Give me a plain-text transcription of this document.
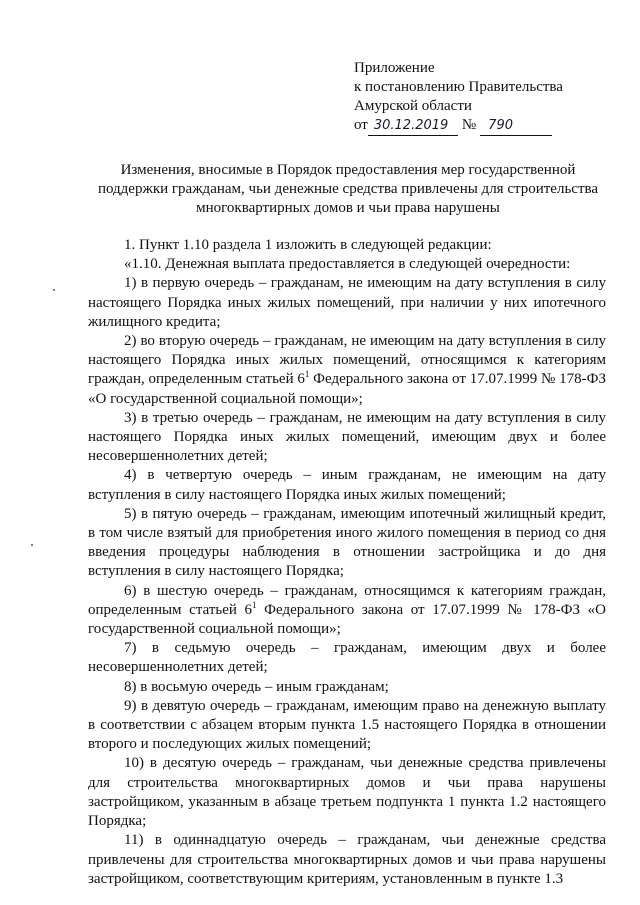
Приложение
к постановлению Правительства
Амурской области
от 30.12.2019 № 790
Изменения, вносимые в Порядок предоставления мер государственной
поддержки гражданам, чьи денежные средства привлечены для строительства
многоквартирных домов и чьи права нарушены

1. Пункт 1.10 раздела 1 изложить в следующей редакции:

«1.10. Денежная выплата предоставляется в следующей очередности:

1) в первую очередь – гражданам, не имеющим на дату вступления в силу настоящего Порядка иных жилых помещений, при наличии у них ипотечного жилищного кредита;

2) во вторую очередь – гражданам, не имеющим на дату вступления в силу настоящего Порядка иных жилых помещений, относящимся к категориям граждан, определенным статьей $6^1$ Федерального закона от 17.07.1999 № 178-ФЗ «О государственной социальной помощи»;

3) в третью очередь – гражданам, не имеющим на дату вступления в силу настоящего Порядка иных жилых помещений, имеющим двух и более несовершеннолетних детей;

4) в четвертую очередь – иным гражданам, не имеющим на дату вступления в силу настоящего Порядка иных жилых помещений;

5) в пятую очередь – гражданам, имеющим ипотечный жилищный кредит, в том числе взятый для приобретения иного жилого помещения в период со дня введения процедуры наблюдения в отношении застройщика и до дня вступления в силу настоящего Порядка;

6) в шестую очередь – гражданам, относящимся к категориям граждан, определенным статьей $6^1$ Федерального закона от 17.07.1999 № 178-ФЗ «О государственной социальной помощи»;

7) в седьмую очередь – гражданам, имеющим двух и более несовершеннолетних детей;

8) в восьмую очередь – иным гражданам;

9) в девятую очередь – гражданам, имеющим право на денежную выплату в соответствии с абзацем вторым пункта 1.5 настоящего Порядка в отношении второго и последующих жилых помещений;

10) в десятую очередь – гражданам, чьи денежные средства привлечены для строительства многоквартирных домов и чьи права нарушены застройщиком, указанным в абзаце третьем подпункта 1 пункта 1.2 настоящего Порядка;

11) в одиннадцатую очередь – гражданам, чьи денежные средства привлечены для строительства многоквартирных домов и чьи права нарушены застройщиком, соответствующим критериям, установленным в пункте 1.3
